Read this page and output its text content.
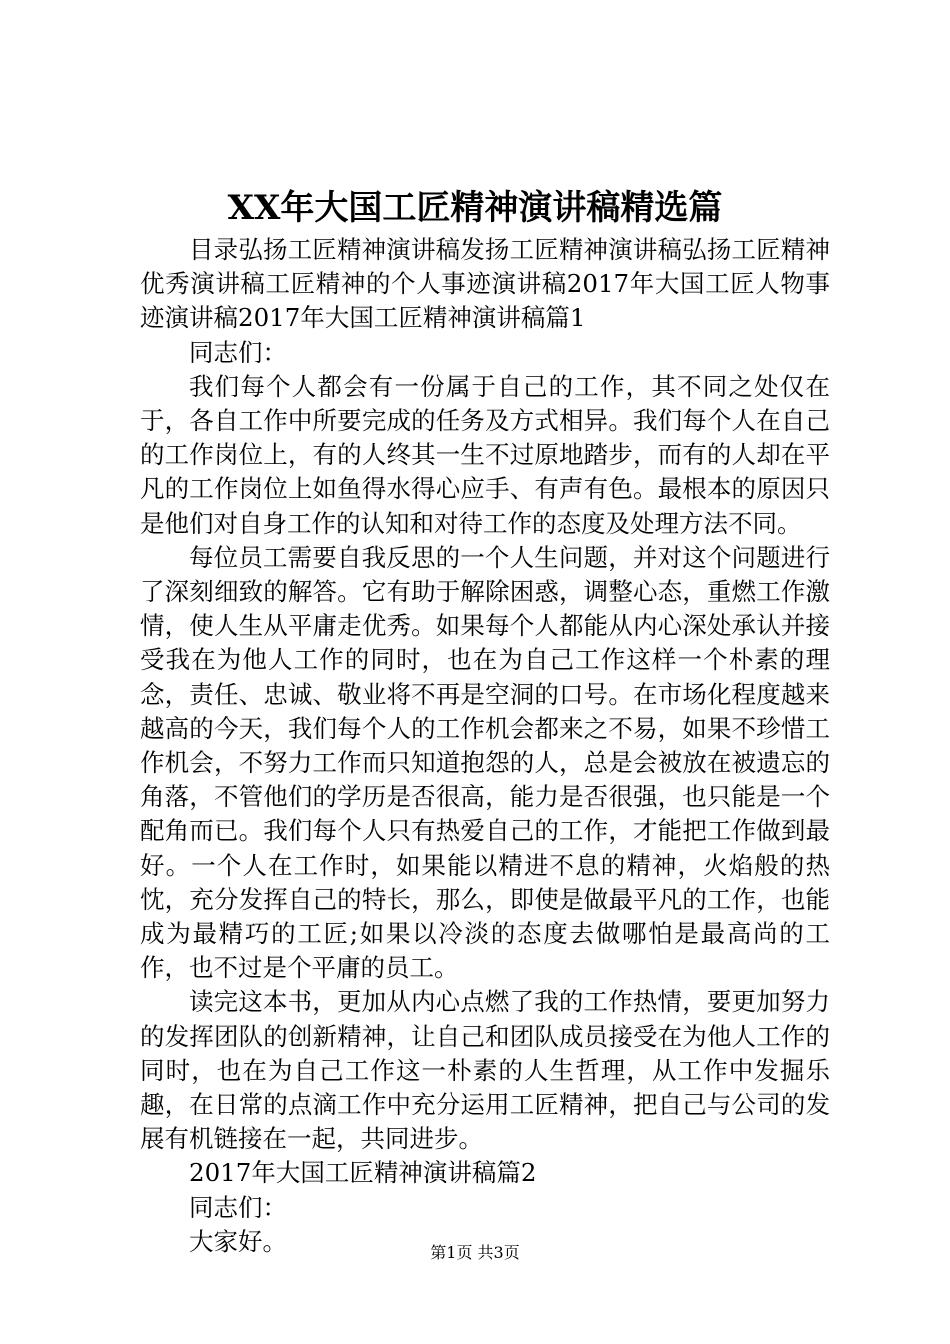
XX年大国工匠精神演讲稿精选篇

目录弘扬工匠精神演讲稿发扬工匠精神演讲稿弘扬工匠精神优秀演讲稿工匠精神的个人事迹演讲稿2017年大国工匠人物事迹演讲稿2017年大国工匠精神演讲稿篇1

同志们：

我们每个人都会有一份属于自己的工作，其不同之处仅在于，各自工作中所要完成的任务及方式相异。我们每个人在自己的工作岗位上，有的人终其一生不过原地踏步，而有的人却在平凡的工作岗位上如鱼得水得心应手、有声有色。最根本的原因只是他们对自身工作的认知和对待工作的态度及处理方法不同。

每位员工需要自我反思的一个人生问题，并对这个问题进行了深刻细致的解答。它有助于解除困惑，调整心态，重燃工作激情，使人生从平庸走优秀。如果每个人都能从内心深处承认并接受我在为他人工作的同时，也在为自己工作这样一个朴素的理念，责任、忠诚、敬业将不再是空洞的口号。在市场化程度越来越高的今天，我们每个人的工作机会都来之不易，如果不珍惜工作机会，不努力工作而只知道抱怨的人，总是会被放在被遗忘的角落，不管他们的学历是否很高，能力是否很强，也只能是一个配角而已。我们每个人只有热爱自己的工作，才能把工作做到最好。一个人在工作时，如果能以精进不息的精神，火焰般的热忱，充分发挥自己的特长，那么，即使是做最平凡的工作，也能成为最精巧的工匠;如果以冷淡的态度去做哪怕是最高尚的工作，也不过是个平庸的员工。

读完这本书，更加从内心点燃了我的工作热情，要更加努力的发挥团队的创新精神，让自己和团队成员接受在为他人工作的同时，也在为自己工作这一朴素的人生哲理，从工作中发掘乐趣，在日常的点滴工作中充分运用工匠精神，把自己与公司的发展有机链接在一起，共同进步。

2017年大国工匠精神演讲稿篇2

同志们：

大家好。	第1页 共3页
